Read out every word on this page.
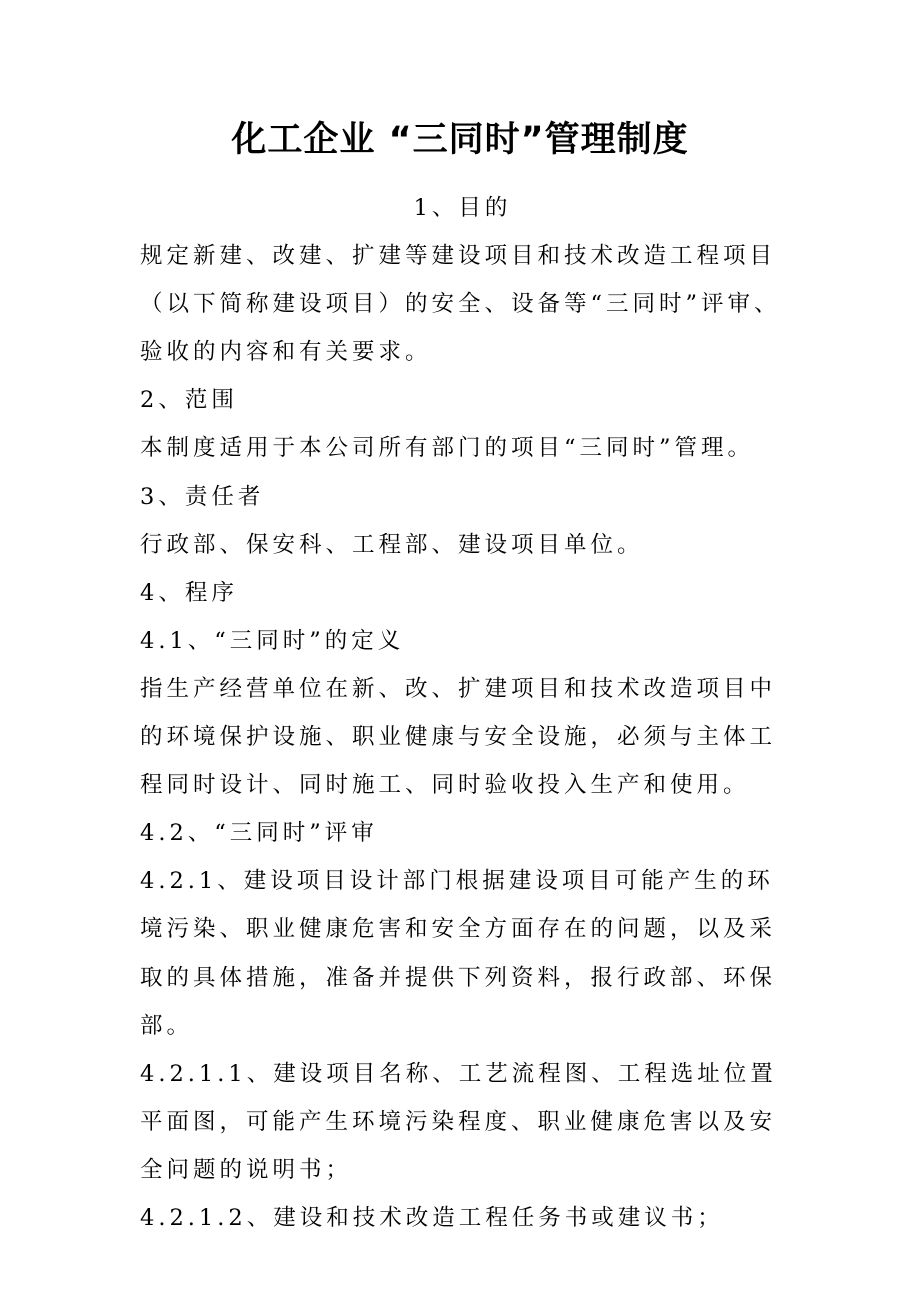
化工企业 “三同时”管理制度

1、目的

规定新建、改建、扩建等建设项目和技术改造工程项目（以下简称建设项目）的安全、设备等“三同时”评审、验收的内容和有关要求。

2、范围

本制度适用于本公司所有部门的项目“三同时”管理。

3、责任者

行政部、保安科、工程部、建设项目单位。

4、程序

4.1、“三同时”的定义

指生产经营单位在新、改、扩建项目和技术改造项目中的环境保护设施、职业健康与安全设施，必须与主体工程同时设计、同时施工、同时验收投入生产和使用。

4.2、“三同时”评审

4.2.1、建设项目设计部门根据建设项目可能产生的环境污染、职业健康危害和安全方面存在的问题，以及采取的具体措施，准备并提供下列资料，报行政部、环保部。

4.2.1.1、建设项目名称、工艺流程图、工程选址位置平面图，可能产生环境污染程度、职业健康危害以及安全问题的说明书；

4.2.1.2、建设和技术改造工程任务书或建议书；
